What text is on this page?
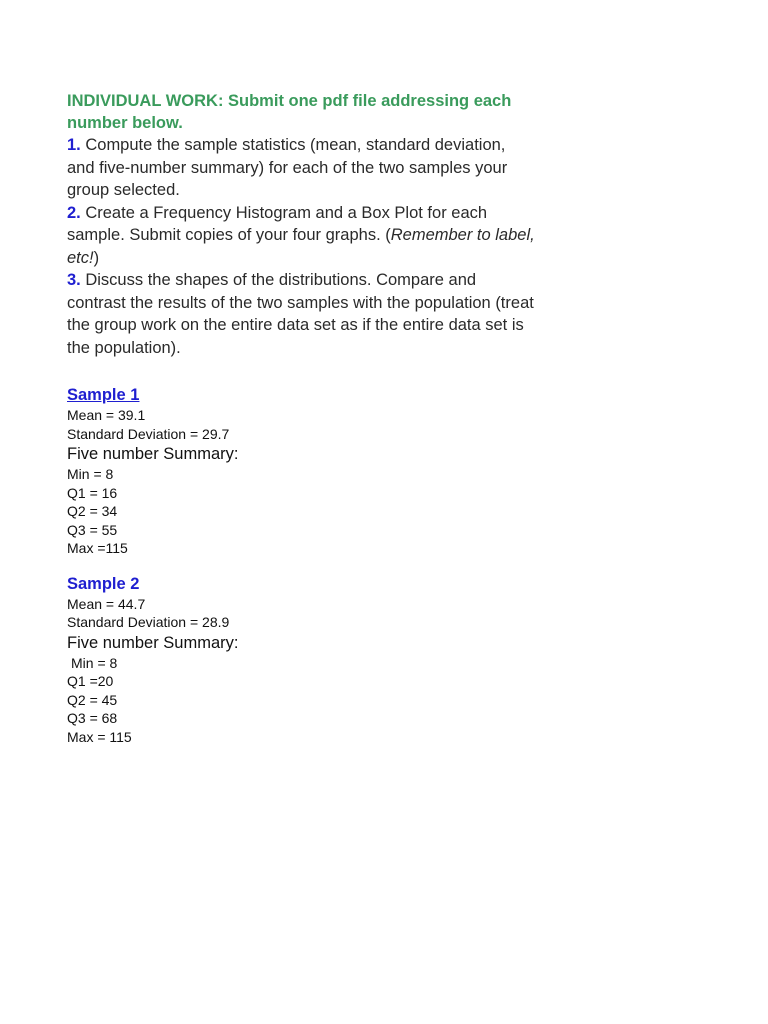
INDIVIDUAL WORK: Submit one pdf file addressing each number below.

1. Compute the sample statistics (mean, standard deviation, and five-number summary) for each of the two samples your group selected.

2. Create a Frequency Histogram and a Box Plot for each sample. Submit copies of your four graphs. (Remember to label, etc!)

3. Discuss the shapes of the distributions. Compare and contrast the results of the two samples with the population (treat the group work on the entire data set as if the entire data set is the population).

Sample 1

Mean = 39.1

Standard Deviation = 29.7

Five number Summary:

Min = 8

Q1 = 16

Q2 = 34

Q3 = 55

Max =115

Sample 2

Mean = 44.7

Standard Deviation = 28.9

Five number Summary:

Min = 8

Q1 =20

Q2 = 45

Q3 = 68

Max = 115
